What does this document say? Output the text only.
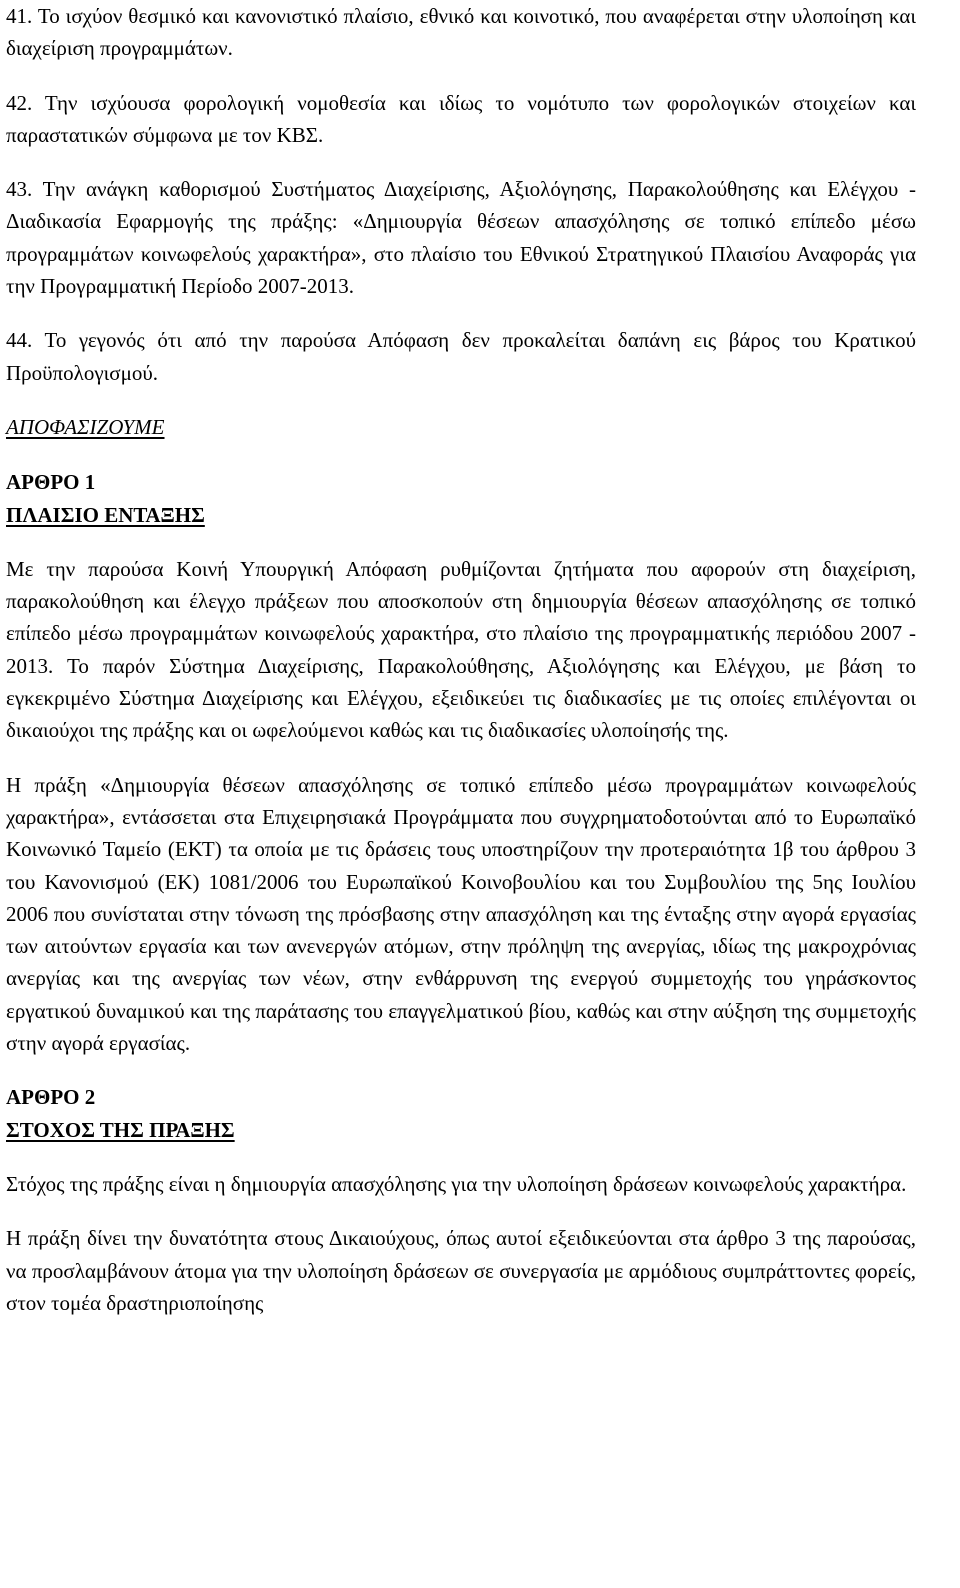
41. Το ισχύον θεσμικό και κανονιστικό πλαίσιο, εθνικό και κοινοτικό, που αναφέρεται στην υλοποίηση και διαχείριση προγραμμάτων.

42. Την ισχύουσα φορολογική νομοθεσία και ιδίως το νομότυπο των φορολογικών στοιχείων και παραστατικών σύμφωνα με τον ΚΒΣ.

43. Την ανάγκη καθορισμού Συστήματος Διαχείρισης, Αξιολόγησης, Παρακολούθησης και Ελέγχου - Διαδικασία Εφαρμογής της πράξης: «Δημιουργία θέσεων απασχόλησης σε τοπικό επίπεδο μέσω προγραμμάτων κοινωφελούς χαρακτήρα», στο πλαίσιο του Εθνικού Στρατηγικού Πλαισίου Αναφοράς για την Προγραμματική Περίοδο 2007-2013.

44. Το γεγονός ότι από την παρούσα Απόφαση δεν προκαλείται δαπάνη εις βάρος του Κρατικού Προϋπολογισμού.

ΑΠΟΦΑΣΙΖΟΥΜΕ

ΑΡΘΡΟ 1
ΠΛΑΙΣΙΟ ΕΝΤΑΞΗΣ

Με την παρούσα Κοινή Υπουργική Απόφαση ρυθμίζονται ζητήματα που αφορούν στη διαχείριση, παρακολούθηση και έλεγχο πράξεων που αποσκοπούν στη δημιουργία θέσεων απασχόλησης σε τοπικό επίπεδο μέσω προγραμμάτων κοινωφελούς χαρακτήρα, στο πλαίσιο της προγραμματικής περιόδου 2007 - 2013. Το παρόν Σύστημα Διαχείρισης, Παρακολούθησης, Αξιολόγησης και Ελέγχου, με βάση το εγκεκριμένο Σύστημα Διαχείρισης και Ελέγχου, εξειδικεύει τις διαδικασίες με τις οποίες επιλέγονται οι δικαιούχοι της πράξης και οι ωφελούμενοι καθώς και τις διαδικασίες υλοποίησής της.

Η πράξη «Δημιουργία θέσεων απασχόλησης σε τοπικό επίπεδο μέσω προγραμμάτων κοινωφελούς χαρακτήρα», εντάσσεται στα Επιχειρησιακά Προγράμματα που συγχρηματοδοτούνται από το Ευρωπαϊκό Κοινωνικό Ταμείο (ΕΚΤ) τα οποία με τις δράσεις τους υποστηρίζουν την προτεραιότητα 1β του άρθρου 3 του Κανονισμού (ΕΚ) 1081/2006 του Ευρωπαϊκού Κοινοβουλίου και του Συμβουλίου της 5ης Ιουλίου 2006 που συνίσταται στην τόνωση της πρόσβασης στην απασχόληση και της ένταξης στην αγορά εργασίας των αιτούντων εργασία και των ανενεργών ατόμων, στην πρόληψη της ανεργίας, ιδίως της μακροχρόνιας ανεργίας και της ανεργίας των νέων, στην ενθάρρυνση της ενεργού συμμετοχής του γηράσκοντος εργατικού δυναμικού και της παράτασης του επαγγελματικού βίου, καθώς και στην αύξηση της συμμετοχής στην αγορά εργασίας.

ΑΡΘΡΟ 2
ΣΤΟΧΟΣ ΤΗΣ ΠΡΑΞΗΣ

Στόχος της πράξης είναι η δημιουργία απασχόλησης για την υλοποίηση δράσεων κοινωφελούς χαρακτήρα.

Η πράξη δίνει την δυνατότητα στους Δικαιούχους, όπως αυτοί εξειδικεύονται στα άρθρο 3 της παρούσας, να προσλαμβάνουν άτομα για την υλοποίηση δράσεων σε συνεργασία με αρμόδιους συμπράττοντες φορείς, στον τομέα δραστηριοποίησης
